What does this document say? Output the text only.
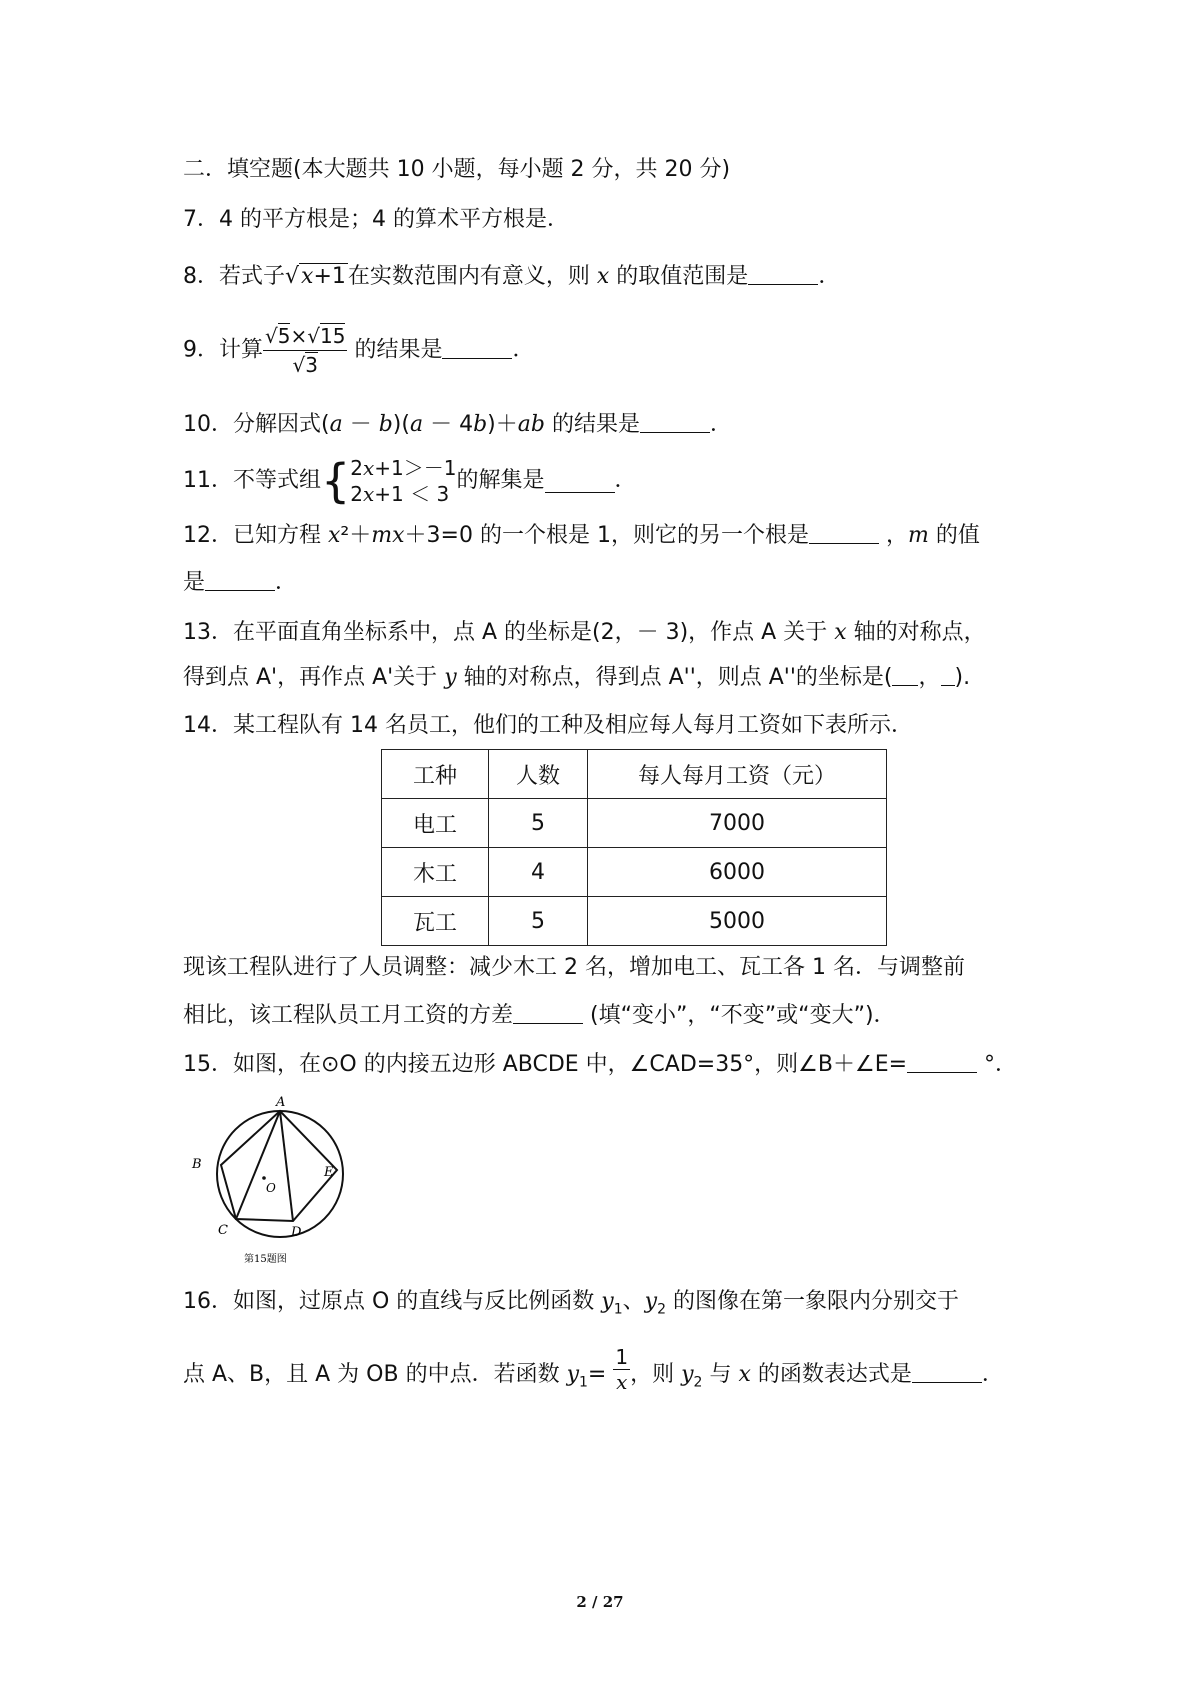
二．填空题(本大题共 10 小题，每小题 2 分，共 20 分)
7．4 的平方根是；4 的算术平方根是．
8．若式子√x+1在实数范围内有意义，则 x 的取值范围是	．
9．计算 $\frac{√5\times√15}{√3}$ 的结果是	．
10．分解因式(a － b)(a － 4b)＋ab 的结果是	．
11．不等式组{ 2x+1＞－1
2x+1 ＜ 3
的解集是	．
12．已知方程 x²＋mx＋3=0 的一个根是 1，则它的另一个根是	，m 的值
是	．
13．在平面直角坐标系中，点 A 的坐标是(2，－ 3)，作点 A 关于 x 轴的对称点，
得到点 A'，再作点 A'关于 y 轴的对称点，得到点 A''，则点 A''的坐标是( ， ).
14．某工程队有 14 名员工，他们的工种及相应每人每月工资如下表所示．
工种	人数	每人每月工资（元）
电工	5	7000
木工	4	6000
瓦工	5	5000
现该工程队进行了人员调整：减少木工 2 名，增加电工、瓦工各 1 名．与调整前
相比，该工程队员工月工资的方差	(填“变小”，“不变”或“变大”)．
15．如图，在⊙O 的内接五边形 ABCDE 中，∠CAD=35°，则∠B＋∠E=	°．
A
B
C	D
E
O
第15题图
16．如图，过原点 O 的直线与反比例函数 $y_1$、$y_2$ 的图像在第一象限内分别交于
点 A、B，且 A 为 OB 的中点．若函数 $y_1= \frac{1}{x}$ ，则 $y_2$ 与 x 的函数表达式是	．
2 / 27
